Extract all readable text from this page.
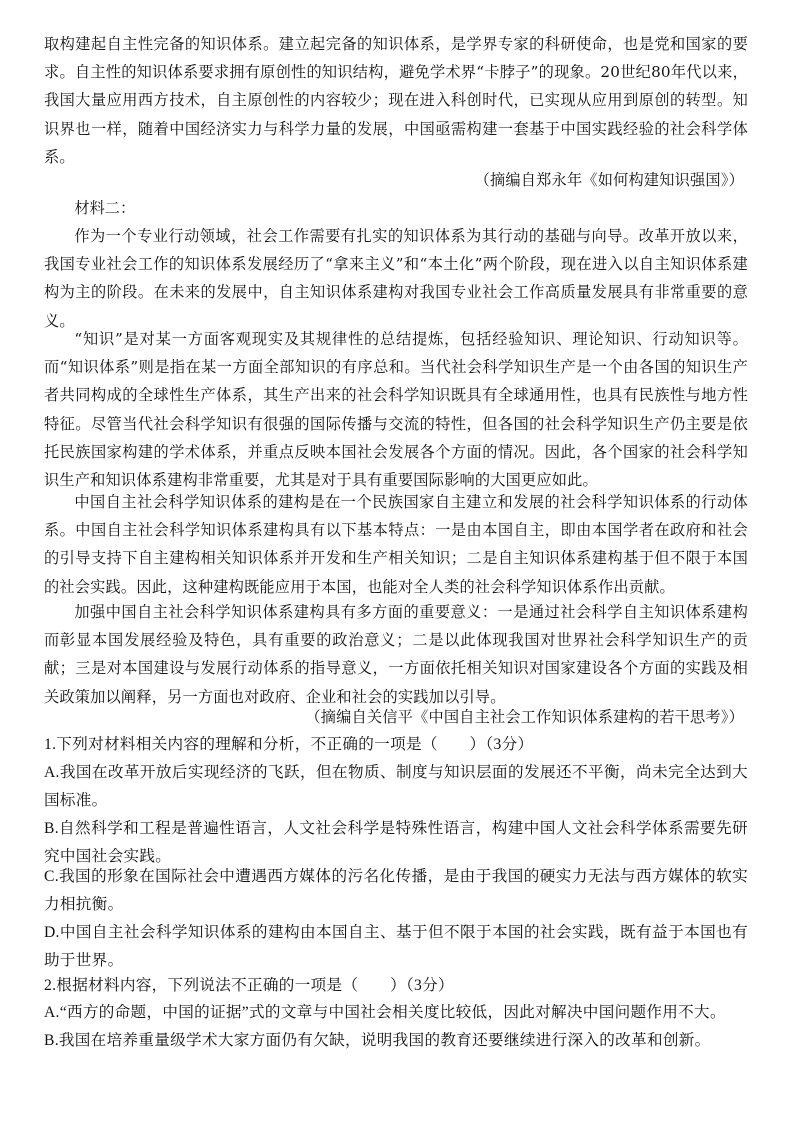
取构建起自主性完备的知识体系。建立起完备的知识体系，是学界专家的科研使命，也是党和国家的要求。自主性的知识体系要求拥有原创性的知识结构，避免学术界“卡脖子”的现象。20世纪80年代以来，我国大量应用西方技术，自主原创性的内容较少；现在进入科创时代，已实现从应用到原创的转型。知识界也一样，随着中国经济实力与科学力量的发展，中国亟需构建一套基于中国实践经验的社会科学体系。

（摘编自郑永年《如何构建知识强国》）
材料二：

作为一个专业行动领域，社会工作需要有扎实的知识体系为其行动的基础与向导。改革开放以来，我国专业社会工作的知识体系发展经历了“拿来主义”和“本土化”两个阶段，现在进入以自主知识体系建构为主的阶段。在未来的发展中，自主知识体系建构对我国专业社会工作高质量发展具有非常重要的意义。

“知识”是对某一方面客观现实及其规律性的总结提炼，包括经验知识、理论知识、行动知识等。而“知识体系”则是指在某一方面全部知识的有序总和。当代社会科学知识生产是一个由各国的知识生产者共同构成的全球性生产体系，其生产出来的社会科学知识既具有全球通用性，也具有民族性与地方性特征。尽管当代社会科学知识有很强的国际传播与交流的特性，但各国的社会科学知识生产仍主要是依托民族国家构建的学术体系，并重点反映本国社会发展各个方面的情况。因此，各个国家的社会科学知识生产和知识体系建构非常重要，尤其是对于具有重要国际影响的大国更应如此。

中国自主社会科学知识体系的建构是在一个民族国家自主建立和发展的社会科学知识体系的行动体系。中国自主社会科学知识体系建构具有以下基本特点：一是由本国自主，即由本国学者在政府和社会的引导支持下自主建构相关知识体系并开发和生产相关知识；二是自主知识体系建构基于但不限于本国的社会实践。因此，这种建构既能应用于本国，也能对全人类的社会科学知识体系作出贡献。

加强中国自主社会科学知识体系建构具有多方面的重要意义：一是通过社会科学自主知识体系建构而彰显本国发展经验及特色，具有重要的政治意义；二是以此体现我国对世界社会科学知识生产的贡献；三是对本国建设与发展行动体系的指导意义，一方面依托相关知识对国家建设各个方面的实践及相关政策加以阐释，另一方面也对政府、企业和社会的实践加以引导。

（摘编自关信平《中国自主社会工作知识体系建构的若干思考》）
1.下列对材料相关内容的理解和分析，不正确的一项是（　　）（3分）
A.我国在改革开放后实现经济的飞跃，但在物质、制度与知识层面的发展还不平衡，尚未完全达到大国标准。
B.自然科学和工程是普遍性语言，人文社会科学是特殊性语言，构建中国人文社会科学体系需要先研究中国社会实践。
C.我国的形象在国际社会中遭遇西方媒体的污名化传播，是由于我国的硬实力无法与西方媒体的软实力相抗衡。
D.中国自主社会科学知识体系的建构由本国自主、基于但不限于本国的社会实践，既有益于本国也有助于世界。
2.根据材料内容，下列说法不正确的一项是（　　）（3分）
A.“西方的命题，中国的证据”式的文章与中国社会相关度比较低，因此对解决中国问题作用不大。
B.我国在培养重量级学术大家方面仍有欠缺，说明我国的教育还要继续进行深入的改革和创新。
